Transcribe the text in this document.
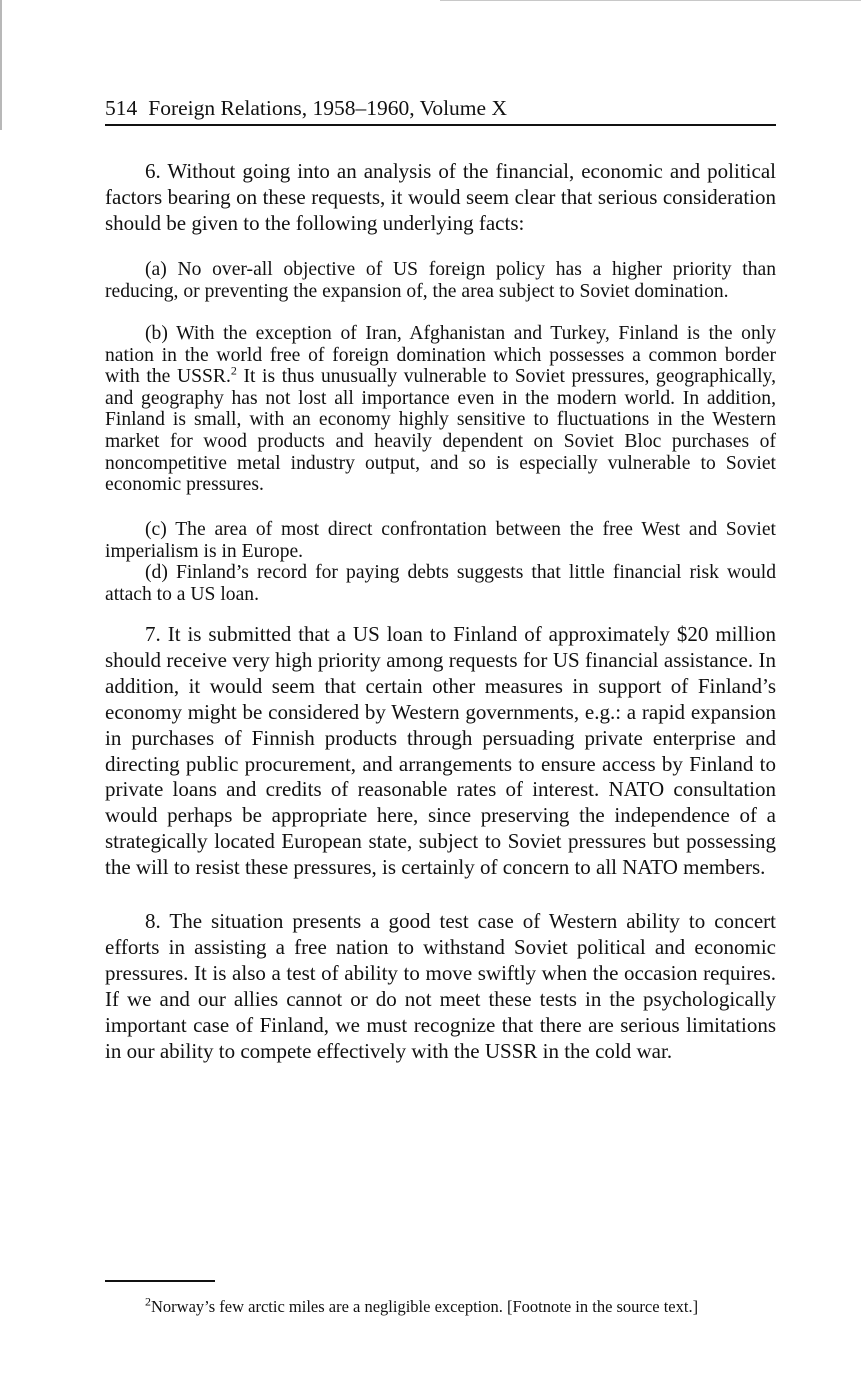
514 Foreign Relations, 1958–1960, Volume X

6. Without going into an analysis of the financial, economic and political factors bearing on these requests, it would seem clear that serious consideration should be given to the following underlying facts:

(a) No over-all objective of US foreign policy has a higher priority than reducing, or preventing the expansion of, the area subject to Soviet domination.

(b) With the exception of Iran, Afghanistan and Turkey, Finland is the only nation in the world free of foreign domination which possesses a common border with the USSR.$^2$ It is thus unusually vulnerable to Soviet pressures, geographically, and geography has not lost all importance even in the modern world. In addition, Finland is small, with an economy highly sensitive to fluctuations in the Western market for wood products and heavily dependent on Soviet Bloc purchases of noncompetitive metal industry output, and so is especially vulnerable to Soviet economic pressures.

(c) The area of most direct confrontation between the free West and Soviet imperialism is in Europe.

(d) Finland’s record for paying debts suggests that little financial risk would attach to a US loan.

7. It is submitted that a US loan to Finland of approximately $20 million should receive very high priority among requests for US financial assistance. In addition, it would seem that certain other measures in support of Finland’s economy might be considered by Western governments, e.g.: a rapid expansion in purchases of Finnish products through persuading private enterprise and directing public procurement, and arrangements to ensure access by Finland to private loans and credits of reasonable rates of interest. NATO consultation would perhaps be appropriate here, since preserving the independence of a strategically located European state, subject to Soviet pressures but possessing the will to resist these pressures, is certainly of concern to all NATO members.

8. The situation presents a good test case of Western ability to concert efforts in assisting a free nation to withstand Soviet political and economic pressures. It is also a test of ability to move swiftly when the occasion requires. If we and our allies cannot or do not meet these tests in the psychologically important case of Finland, we must recognize that there are serious limitations in our ability to compete effectively with the USSR in the cold war.

$^2$Norway’s few arctic miles are a negligible exception. [Footnote in the source text.]
